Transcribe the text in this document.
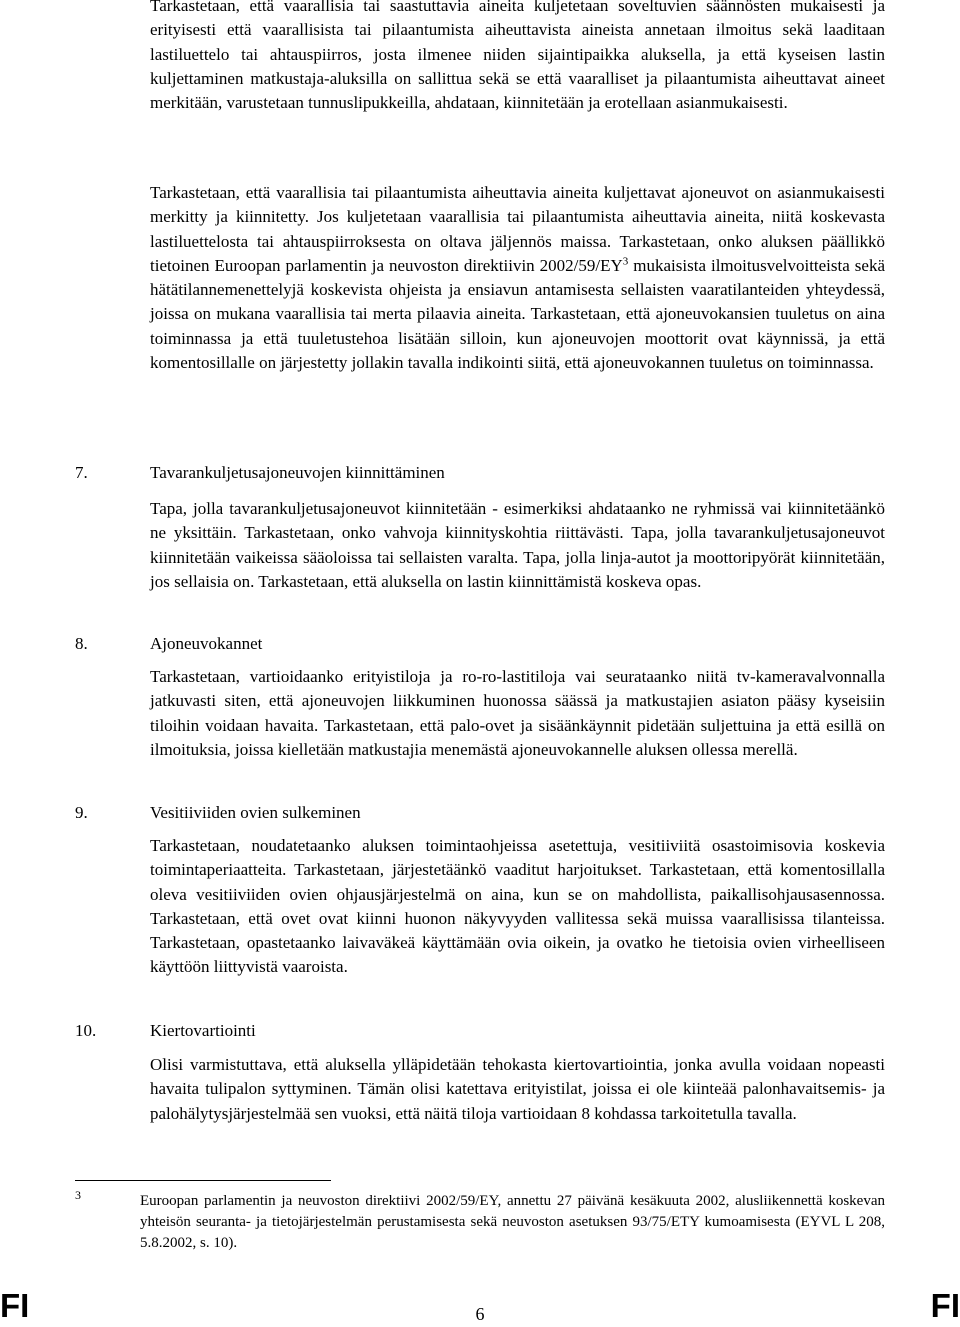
Tarkastetaan, että vaarallisia tai saastuttavia aineita kuljetetaan soveltuvien säännösten mukaisesti ja erityisesti että vaarallisista tai pilaantumista aiheuttavista aineista annetaan ilmoitus sekä laaditaan lastiluettelo tai ahtauspiirros, josta ilmenee niiden sijaintipaikka aluksella, ja että kyseisen lastin kuljettaminen matkustaja-aluksilla on sallittua sekä se että vaaralliset ja pilaantumista aiheuttavat aineet merkitään, varustetaan tunnuslipukkeilla, ahdataan, kiinnitetään ja erotellaan asianmukaisesti.

Tarkastetaan, että vaarallisia tai pilaantumista aiheuttavia aineita kuljettavat ajoneuvot on asianmukaisesti merkitty ja kiinnitetty. Jos kuljetetaan vaarallisia tai pilaantumista aiheuttavia aineita, niitä koskevasta lastiluettelosta tai ahtauspiirroksesta on oltava jäljennös maissa. Tarkastetaan, onko aluksen päällikkö tietoinen Euroopan parlamentin ja neuvoston direktiivin $2002/59/EY^3$ mukaisista ilmoitusvelvoitteista sekä hätätilannemenettelyjä koskevista ohjeista ja ensiavun antamisesta sellaisten vaaratilanteiden yhteydessä, joissa on mukana vaarallisia tai merta pilaavia aineita. Tarkastetaan, että ajoneuvokansien tuuletus on aina toiminnassa ja että tuuletustehoa lisätään silloin, kun ajoneuvojen moottorit ovat käynnissä, ja että komentosillalle on järjestetty jollakin tavalla indikointi siitä, että ajoneuvokannen tuuletus on toiminnassa.

7.	Tavarankuljetusajoneuvojen kiinnittäminen

Tapa, jolla tavarankuljetusajoneuvot kiinnitetään - esimerkiksi ahdataanko ne ryhmissä vai kiinnitetäänkö ne yksittäin. Tarkastetaan, onko vahvoja kiinnityskohtia riittävästi. Tapa, jolla tavarankuljetusajoneuvot kiinnitetään vaikeissa sääoloissa tai sellaisten varalta. Tapa, jolla linja-autot ja moottoripyörät kiinnitetään, jos sellaisia on. Tarkastetaan, että aluksella on lastin kiinnittämistä koskeva opas.

8.	Ajoneuvokannet

Tarkastetaan, vartioidaanko erityistiloja ja ro-ro-lastitiloja vai seurataanko niitä tv-kameravalvonnalla jatkuvasti siten, että ajoneuvojen liikkuminen huonossa säässä ja matkustajien asiaton pääsy kyseisiin tiloihin voidaan havaita. Tarkastetaan, että palo-ovet ja sisäänkäynnit pidetään suljettuina ja että esillä on ilmoituksia, joissa kielletään matkustajia menemästä ajoneuvokannelle aluksen ollessa merellä.

9.	Vesitiiviiden ovien sulkeminen

Tarkastetaan, noudatetaanko aluksen toimintaohjeissa asetettuja, vesitiiviitä osastoimisovia koskevia toimintaperiaatteita. Tarkastetaan, järjestetäänkö vaaditut harjoitukset. Tarkastetaan, että komentosillalla oleva vesitiiviiden ovien ohjausjärjestelmä on aina, kun se on mahdollista, paikallisohjausasennossa. Tarkastetaan, että ovet ovat kiinni huonon näkyvyyden vallitessa sekä muissa vaarallisissa tilanteissa. Tarkastetaan, opastetaanko laivaväkeä käyttämään ovia oikein, ja ovatko he tietoisia ovien virheelliseen käyttöön liittyvistä vaaroista.

10.	Kiertovartiointi

Olisi varmistuttava, että aluksella ylläpidetään tehokasta kiertovartiointia, jonka avulla voidaan nopeasti havaita tulipalon syttyminen. Tämän olisi katettava erityistilat, joissa ei ole kiinteää palonhavaitsemis- ja palohälytysjärjestelmää sen vuoksi, että näitä tiloja vartioidaan 8 kohdassa tarkoitetulla tavalla.

3	Euroopan parlamentin ja neuvoston direktiivi 2002/59/EY, annettu 27 päivänä kesäkuuta 2002, alusliikennettä koskevan yhteisön seuranta- ja tietojärjestelmän perustamisesta sekä neuvoston asetuksen 93/75/ETY kumoamisesta (EYVL L 208, 5.8.2002, s. 10).

FI	6	FI
